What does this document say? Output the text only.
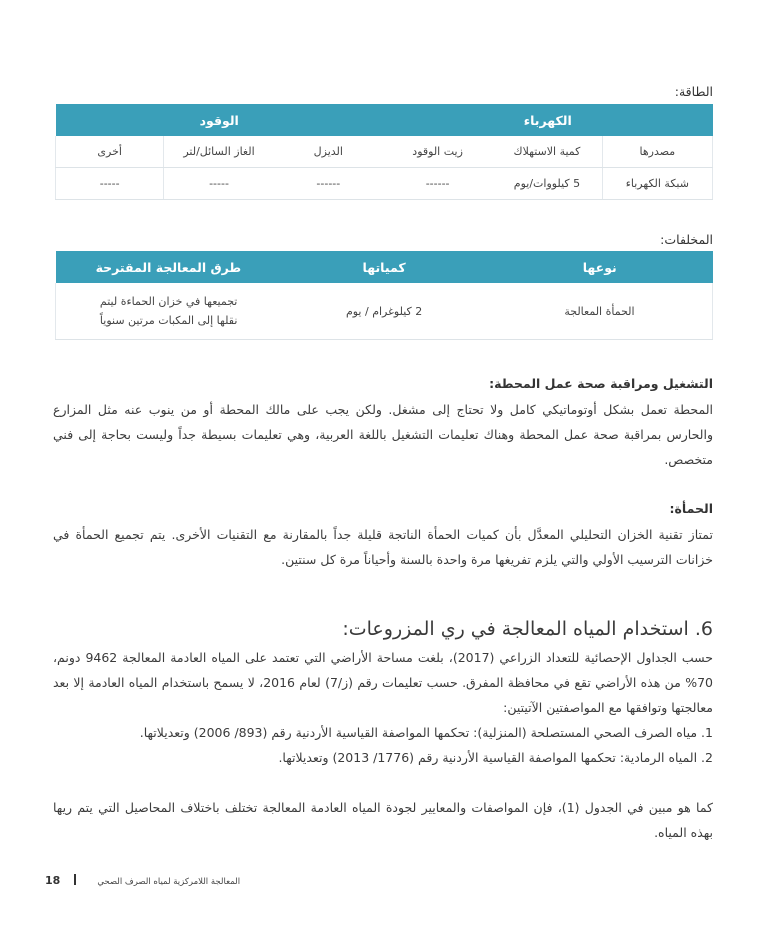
الطاقة:
الكهرباء			الوقود		
مصدرها	كمية الاستهلاك	زيت الوقود	الديزل	الغاز السائل/لتر	أخرى
شبكة الكهرباء	5 كيلووات/يوم	------	------	-----	-----
المخلفات:
نوعها	كمياتها	طرق المعالجة المقترحة
الحمأة المعالجة	2 كيلوغرام / يوم	تجميعها في خزان الحماءة ليتم نقلها إلى المكبات مرتين سنوياً
التشغيل ومراقبة صحة عمل المحطة:

المحطة تعمل بشكل أوتوماتيكي كامل ولا تحتاج إلى مشغل. ولكن يجب على مالك المحطة أو من ينوب عنه مثل المزارع والحارس بمراقبة صحة عمل المحطة وهناك تعليمات التشغيل باللغة العربية، وهي تعليمات بسيطة جداً وليست بحاجة إلى فني متخصص.

الحمأة:

تمتاز تقنية الخزان التحليلي المعدَّل بأن كميات الحمأة الناتجة قليلة جداً بالمقارنة مع التقنيات الأخرى. يتم تجميع الحمأة في خزانات الترسيب الأولي والتي يلزم تفريغها مرة واحدة بالسنة وأحياناً مرة كل سنتين.

6. استخدام المياه المعالجة في ري المزروعات:

حسب الجداول الإحصائية للتعداد الزراعي (2017)، بلغت مساحة الأراضي التي تعتمد على المياه العادمة المعالجة 9462 دونم، 70% من هذه الأراضي تقع في محافظة المفرق. حسب تعليمات رقم (ز/7) لعام 2016، لا يسمح باستخدام المياه العادمة إلا بعد معالجتها وتوافقها مع المواصفتين الآتيتين:

1. مياه الصرف الصحي المستصلحة (المنزلية): تحكمها المواصفة القياسية الأردنية رقم (893/ 2006) وتعديلاتها.

2. المياه الرمادية: تحكمها المواصفة القياسية الأردنية رقم (1776/ 2013) وتعديلاتها.

كما هو مبين في الجدول (1)، فإن المواصفات والمعايير لجودة المياه العادمة المعالجة تختلف باختلاف المحاصيل التي يتم ريها بهذه المياه.

18	المعالجة اللامركزية لمياه الصرف الصحي
